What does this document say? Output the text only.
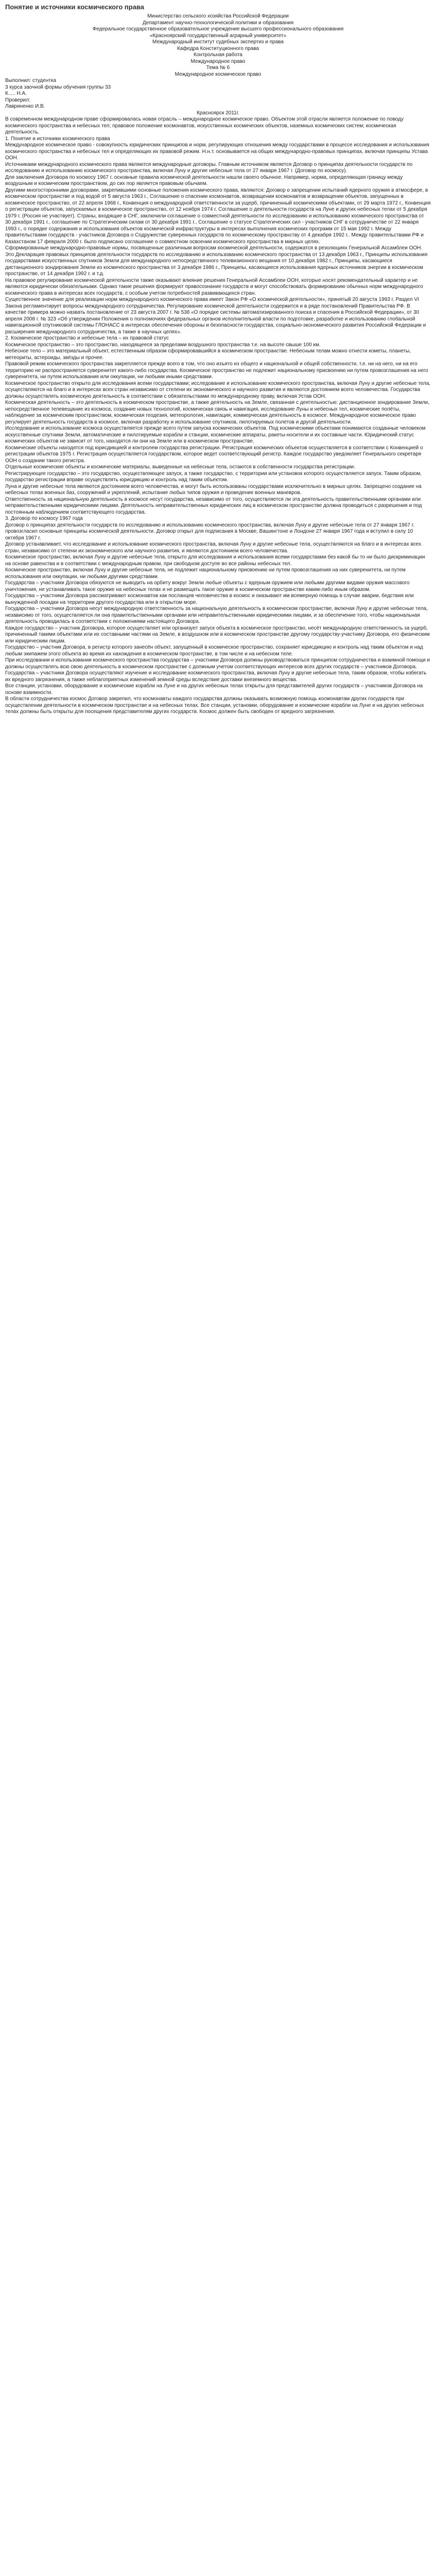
Понятие и источники космического права

Министерство сельского хозяйства Российской Федерации

Департамент научно-технологической политики и образования

Федеральное государственное образовательное учреждение высшего профессионального образования

«Красноярский государственный аграрный университет»

Международный институт судебных экспертиз и права

Кафедра Конституционного права

Контрольная работа

Международное право

Тема № 6

Международное космическое право

Выполнил: студентка

3 курса заочной формы обучения группы 33

К..... Н.А.

Проверил:

Лавриненко И.В.

Красноярск 2011г.

В современном международном праве сформировалась новая отрасль – международное космическое право. Объектом этой отрасли является положение по поводу космического пространства и небесных тел; правовое положение космонавтов, искусственных космических объектов, наземных космических систем; космическая деятельность.

1. Понятие и источники космического права

Международное космическое право - совокупность юридических принципов и норм, регулирующих отношения между государствами в процессе исследования и использования космического пространства и небесных тел и определяющих их правовой режим. Н.н.т. основывается на общих международно-правовых принципах, включая принципы Устава ООН.

Источниками международного космического права являются международные договоры. Главным источником является Договор о принципах деятельности государств по исследованию и использованию космического пространства, включая Луну и другие небесные тела от 27 января 1967 г. (Договор по космосу).

Для заключения Договора по космосу 1967 г. основные правила космической деятельности нашли своего обычное. Например, норма, определяющая границу между воздушным и космическим пространством, до сих пор является правовым обычаем.

Другими многосторонними договорами, закрепившими основные положения космического права, являются: Договор о запрещении испытаний ядерного оружия в атмосфере, в космическом пространстве и под водой от 5 августа 1963 г., Соглашение о спасении космонавтов, возвращении космонавтов и возвращении объектов, запущенных в космическое пространство, от 22 апреля 1968 г., Конвенция о международной ответственности за ущерб, причиненный космическими объектами, от 29 марта 1972 г., Конвенция о регистрации объектов, запускаемых в космическое пространство, от 12 ноября 1974 г. Соглашение о деятельности государств на Луне и других небесных телах от 5 декабря 1979 г. (Россия не участвует). Страны, входящие в СНГ, заключили соглашение о совместной деятельности по исследованию и использованию космического пространства от 30 декабря 1991 г., соглашение по Стратегическим силам от 30 декабря 1991 г., Соглашение о статусе Стратегических сил - участников СНГ в сотрудничестве от 22 января 1993 г., о порядке содержания и использования объектов космической инфраструктуры в интересах выполнения космических программ от 15 мая 1992 г. Между правительствами государств - участников Договора о Содружестве суверенных государств по космическому пространству от 4 декабря 1992 г.. Между правительствами РФ и Казахстаном 17 февраля 2000 г. было подписано соглашение о совместном освоении космического пространства в мирных целях.

Сформированные международно-правовые нормы, посвященные различным вопросам космической деятельности, содержатся в резолюциях Генеральной Ассамблеи ООН. Это Декларация правовых принципов деятельности государств по исследованию и использованию космического пространства от 13 декабря 1963 г., Принципы использования государствами искусственных спутников Земли для международного непосредственного телевизионного вещания от 10 декабря 1982 г., Принципы, касающиеся дистанционного зондирования Земли из космического пространства от 3 декабря 1986 г., Принципы, касающиеся использования ядерных источников энергии в космическом пространстве, от 14 декабря 1992 г. и т.д.

На правовое регулирование космической деятельности также оказывают влияние решения Генеральной Ассамблеи ООН, которые носят рекомендательный характер и не являются юридически обязательными. Однако такие решения формируют правосознание государств и могут способствовать формированию обычных норм международного космического права в интересах всех государств, с особым учетом потребностей развивающихся стран.

Существенное значение для реализации норм международного космического права имеет Закон РФ «О космической деятельности», принятый 20 августа 1993 г. Раздел VI Закона регламентирует вопросы международного сотрудничества. Регулирование космической деятельности содержится и в ряде постановлений Правительства РФ. В качестве примера можно назвать постановление от 23 августа 2007 г. № 538 «О порядке системы автоматизированного поиска и спасения в Российской Федерации», от 30 апреля 2008 г. № 323 «Об утверждении Положения о полномочиях федеральных органов исполнительной власти по подготовке, разработке и использованию глобальной навигационной спутниковой системы ГЛОНАСС в интересах обеспечения обороны и безопасности государства, социально-экономического развития Российской Федерации и расширения международного сотрудничества, а также в научных целях».

2. Космическое пространство и небесные тела – их правовой статус

Космическое пространство – это пространство, находящееся за пределами воздушного пространства т.е. на высоте свыше 100 км.

Небесное тело – это материальный объект, естественным образом сформировавшийся в космическом пространстве. Небесным телам можно отнести кометы, планеты, метеориты, астероиды, звёзды и прочее.

Правовой режим космического пространства закрепляется прежде всего в том, что оно изъято из общего и национальной и общей собственности, т.е. ни на него, ни на его территорию не распространяется суверенитет какого-либо государства. Космическое пространство не подлежит национальному присвоению ни путем провозглашения на него суверенитета, ни путем использования или оккупации, ни любыми иными средствами.

Космическое пространство открыто для исследования всеми государствами; исследование и использование космического пространства, включая Луну и другие небесные тела, осуществляются на благо и в интересах всех стран независимо от степени их экономического и научного развития и являются достоянием всего человечества. Государства должны осуществлять космическую деятельность в соответствии с обязательствами по международному праву, включая Устав ООН.

Космическая деятельность – это деятельность в космическом пространстве, а также деятельность на Земле, связанная с деятельностью: дистанционное зондирование Земли, непосредственное телевещание из космоса, создание новых технологий, космическая связь и навигация, исследование Луны и небесных тел, космические полёты, наблюдение за космическим пространством, космическая геодезия, метеорология, навигация, коммерческая деятельность в космосе. Международное космическое право регулирует деятельность государств в космосе, включая разработку и использование спутников, пилотируемых полетов и другой деятельности.

Исследование и использование космоса осуществляется прежде всего путем запуска космических объектов. Под космическими объектами понимаются созданные человеком искусственные спутники Земли, автоматические и пилотируемые корабли и станции, космические аппараты, ракеты-носители и их составные части. Юридический статус космических объектов не зависит от того, находятся ли они на Земле или в космическом пространстве.

Космические объекты находятся под юрисдикцией и контролем государства регистрации. Регистрация космических объектов осуществляется в соответствии с Конвенцией о регистрации объектов 1975 г. Регистрация осуществляется государством, которое ведет соответствующий регистр. Каждое государство уведомляет Генерального секретаря ООН о создании такого регистра.

Отдельные космические объекты и космические материалы, выведенные на небесные тела, остаются в собственности государства регистрации.

Регистрирующее государство – это государство, осуществляющее запуск, а также государство, с территории или установок которого осуществляется запуск. Таким образом, государство регистрации вправе осуществлять юрисдикцию и контроль над таким объектом.

Луна и другие небесные тела являются достоянием всего человечества, и могут быть использованы государствами исключительно в мирных целях. Запрещено создание на небесных телах военных баз, сооружений и укреплений, испытание любых типов оружия и проведение военных маневров.

Ответственность за национальную деятельность в космосе несут государства, независимо от того, осуществляется ли эта деятельность правительственными органами или неправительственными юридическими лицами. Деятельность неправительственных юридических лиц в космическом пространстве должна проводиться с разрешения и под постоянным наблюдением соответствующего государства.

3. Договор по космосу 1967 года

Договор о принципах деятельности государств по исследованию и использованию космического пространства, включая Луну и другие небесные тела от 27 января 1967 г. провозгласил основные принципы космической деятельности. Договор открыт для подписания в Москве, Вашингтоне и Лондоне 27 января 1967 года и вступил в силу 10 октября 1967 г.

Договор устанавливает, что исследование и использование космического пространства, включая Луну и другие небесные тела, осуществляются на благо и в интересах всех стран, независимо от степени их экономического или научного развития, и являются достоянием всего человечества.

Космическое пространство, включая Луну и другие небесные тела, открыто для исследования и использования всеми государствами без какой бы то ни было дискриминации на основе равенства и в соответствии с международным правом, при свободном доступе во все районы небесных тел.

Космическое пространство, включая Луну и другие небесные тела, не подлежит национальному присвоению ни путем провозглашения на них суверенитета, ни путем использования или оккупации, ни любыми другими средствами.

Государства – участники Договора обязуются не выводить на орбиту вокруг Земли любые объекты с ядерным оружием или любыми другими видами оружия массового уничтожения, не устанавливать такое оружие на небесных телах и не размещать такое оружие в космическом пространстве каким-либо иным образом.

Государства – участники Договора рассматривают космонавтов как посланцев человечества в космос и оказывают им всемерную помощь в случае аварии, бедствия или вынужденной посадки на территории другого государства или в открытом море.

Государства – участники Договора несут международную ответственность за национальную деятельность в космическом пространстве, включая Луну и другие небесные тела, независимо от того, осуществляется ли она правительственными органами или неправительственными юридическими лицами, и за обеспечение того, чтобы национальная деятельность проводилась в соответствии с положениями настоящего Договора.

Каждое государство – участник Договора, которое осуществляет или организует запуск объекта в космическое пространство, несёт международную ответственность за ущерб, причиненный такими объектами или их составными частями на Земле, в воздушном или в космическом пространстве другому государству-участнику Договора, его физическим или юридическим лицам.

Государство – участник Договора, в регистр которого занесён объект, запущенный в космическое пространство, сохраняет юрисдикцию и контроль над таким объектом и над любым экипажем этого объекта во время их нахождения в космическом пространстве, в том числе и на небесном теле.

При исследовании и использовании космического пространства государства – участники Договора должны руководствоваться принципом сотрудничества и взаимной помощи и должны осуществлять всю свою деятельность в космическом пространстве с должным учетом соответствующих интересов всех других государств – участников Договора.

Государства – участники Договора осуществляют изучение и исследование космического пространства, включая Луну и другие небесные тела, таким образом, чтобы избегать их вредного загрязнения, а также неблагоприятных изменений земной среды вследствие доставки внеземного вещества.

Все станции, установки, оборудование и космические корабли на Луне и на других небесных телах открыты для представителей других государств – участников Договора на основе взаимности.

В области сотрудничества космос Договор закрепил, что космонавты каждого государства должны оказывать возможную помощь космонавтам других государств при осуществлении деятельности в космическом пространстве и на небесных телах. Все станции, установки, оборудование и космические корабли на Луне и на других небесных телах должны быть открыты для посещения представителям других государств. Космос должен быть свободен от вредного загрязнения.
